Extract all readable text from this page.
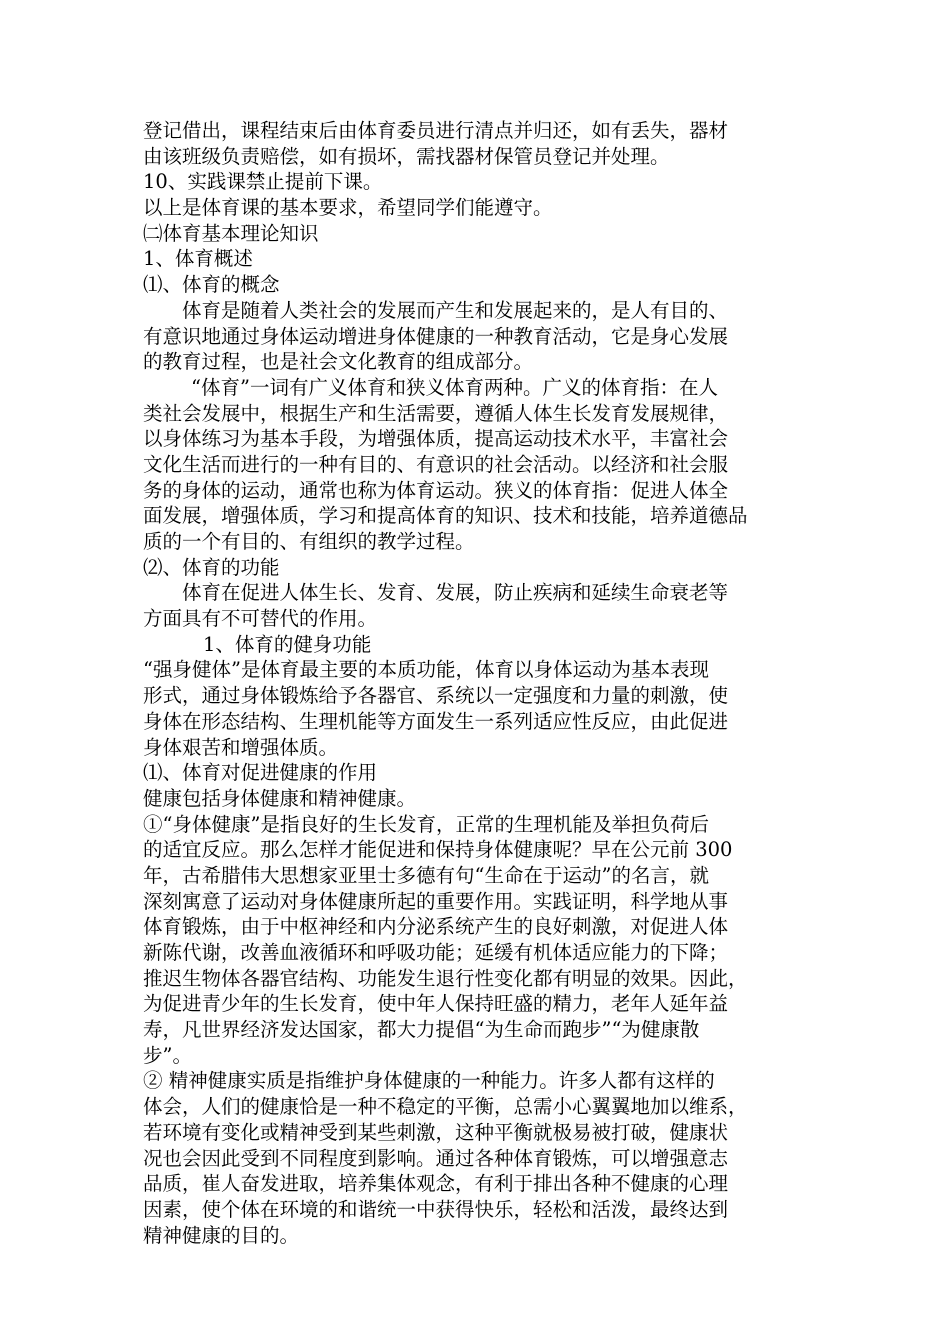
登记借出，课程结束后由体育委员进行清点并归还，如有丢失，器材
由该班级负责赔偿，如有损坏，需找器材保管员登记并处理。
10、实践课禁止提前下课。
以上是体育课的基本要求，希望同学们能遵守。
㈡体育基本理论知识
1、体育概述
⑴、体育的概念
体育是随着人类社会的发展而产生和发展起来的，是人有目的、
有意识地通过身体运动增进身体健康的一种教育活动，它是身心发展
的教育过程，也是社会文化教育的组成部分。
“体育”一词有广义体育和狭义体育两种。广义的体育指：在人
类社会发展中，根据生产和生活需要，遵循人体生长发育发展规律，
以身体练习为基本手段，为增强体质，提高运动技术水平，丰富社会
文化生活而进行的一种有目的、有意识的社会活动。以经济和社会服
务的身体的运动，通常也称为体育运动。狭义的体育指：促进人体全
面发展，增强体质，学习和提高体育的知识、技术和技能，培养道德品
质的一个有目的、有组织的教学过程。
⑵、体育的功能
体育在促进人体生长、发育、发展，防止疾病和延续生命衰老等
方面具有不可替代的作用。
1、体育的健身功能
“强身健体”是体育最主要的本质功能，体育以身体运动为基本表现
形式，通过身体锻炼给予各器官、系统以一定强度和力量的刺激，使
身体在形态结构、生理机能等方面发生一系列适应性反应，由此促进
身体艰苦和增强体质。
⑴、体育对促进健康的作用
健康包括身体健康和精神健康。
①“身体健康”是指良好的生长发育，正常的生理机能及举担负荷后
的适宜反应。那么怎样才能促进和保持身体健康呢？早在公元前 300
年，古希腊伟大思想家亚里士多德有句“生命在于运动”的名言，就
深刻寓意了运动对身体健康所起的重要作用。实践证明，科学地从事
体育锻炼，由于中枢神经和内分泌系统产生的良好刺激，对促进人体
新陈代谢，改善血液循环和呼吸功能；延缓有机体适应能力的下降；
推迟生物体各器官结构、功能发生退行性变化都有明显的效果。因此，
为促进青少年的生长发育，使中年人保持旺盛的精力，老年人延年益
寿，凡世界经济发达国家，都大力提倡“为生命而跑步”“为健康散
步”。
② 精神健康实质是指维护身体健康的一种能力。许多人都有这样的
体会，人们的健康恰是一种不稳定的平衡，总需小心翼翼地加以维系，
若环境有变化或精神受到某些刺激，这种平衡就极易被打破，健康状
况也会因此受到不同程度到影响。通过各种体育锻炼，可以增强意志
品质，崔人奋发进取，培养集体观念，有利于排出各种不健康的心理
因素，使个体在环境的和谐统一中获得快乐，轻松和活泼，最终达到
精神健康的目的。
